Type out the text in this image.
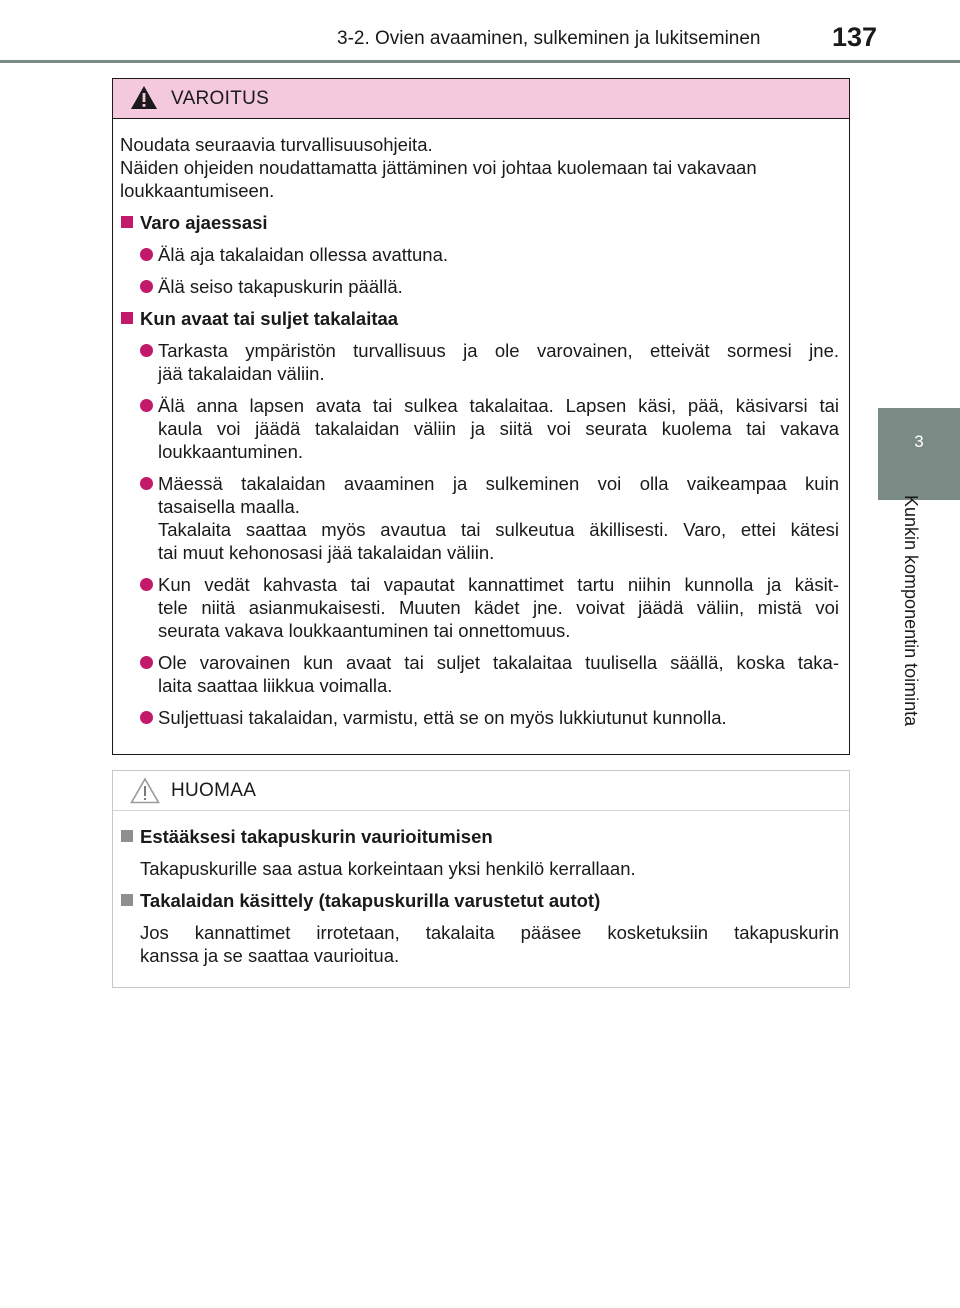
3-2. Ovien avaaminen, sulkeminen ja lukitseminen	137
3
Kunkin komponentin toiminta
VAROITUS

Noudata seuraavia turvallisuusohjeita.
Näiden ohjeiden noudattamatta jättäminen voi johtaa kuolemaan tai vakavaan
loukkaantumiseen.

Varo ajaessasi

Älä aja takalaidan ollessa avattuna.

Älä seiso takapuskurin päällä.

Kun avaat tai suljet takalaitaa

Tarkasta ympäristön turvallisuus ja ole varovainen, etteivät sormesi jne.
jää takalaidan väliin.

Älä anna lapsen avata tai sulkea takalaitaa. Lapsen käsi, pää, käsivarsi tai
kaula voi jäädä takalaidan väliin ja siitä voi seurata kuolema tai vakava
loukkaantuminen.

Mäessä takalaidan avaaminen ja sulkeminen voi olla vaikeampaa kuin
tasaisella maalla.
Takalaita saattaa myös avautua tai sulkeutua äkillisesti. Varo, ettei kätesi
tai muut kehonosasi jää takalaidan väliin.

Kun vedät kahvasta tai vapautat kannattimet tartu niihin kunnolla ja käsit-
tele niitä asianmukaisesti. Muuten kädet jne. voivat jäädä väliin, mistä voi
seurata vakava loukkaantuminen tai onnettomuus.

Ole varovainen kun avaat tai suljet takalaitaa tuulisella säällä, koska taka-
laita saattaa liikkua voimalla.

Suljettuasi takalaidan, varmistu, että se on myös lukkiutunut kunnolla.

HUOMAA

Estääksesi takapuskurin vaurioitumisen

Takapuskurille saa astua korkeintaan yksi henkilö kerrallaan.

Takalaidan käsittely (takapuskurilla varustetut autot)

Jos kannattimet irrotetaan, takalaita pääsee kosketuksiin takapuskurin
kanssa ja se saattaa vaurioitua.
